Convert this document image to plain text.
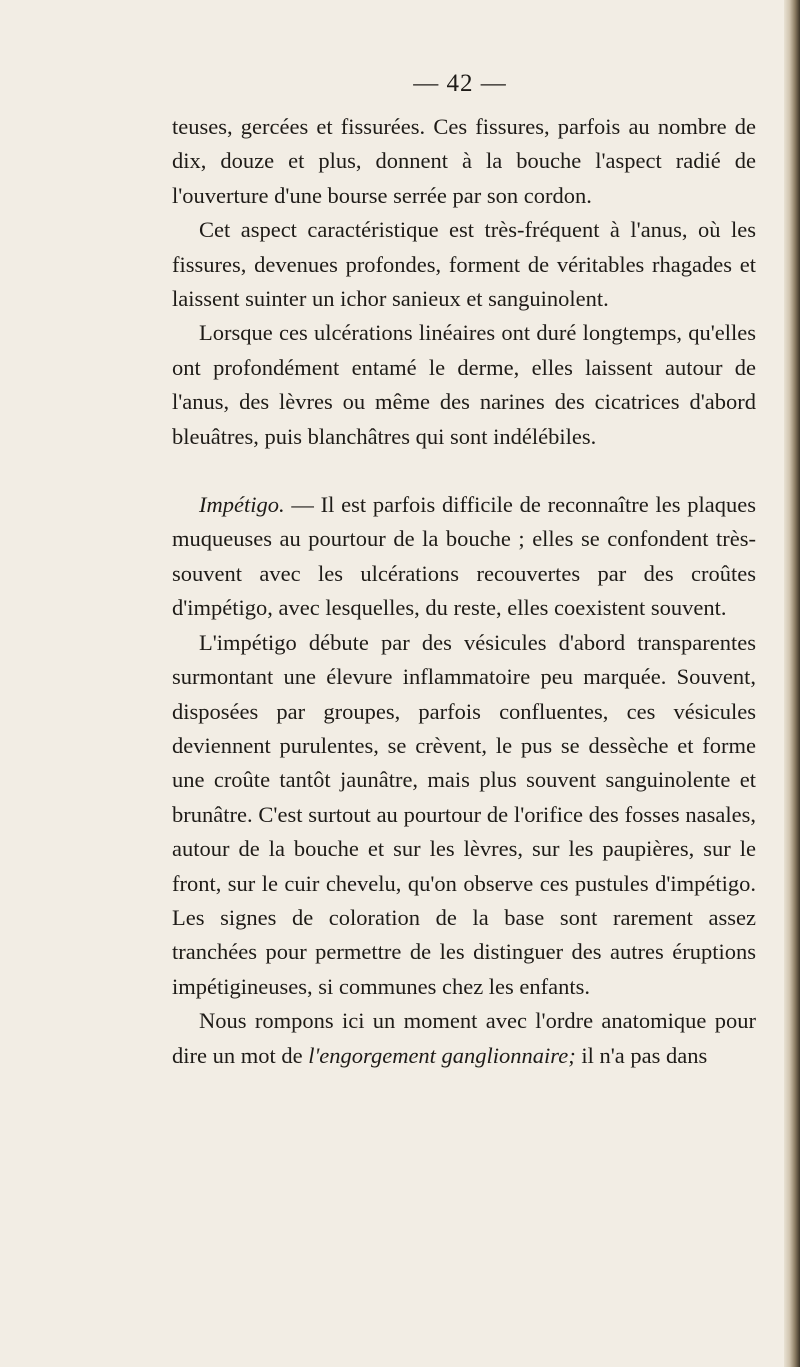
— 42 —

teuses, gercées et fissurées. Ces fissures, parfois au nombre de dix, douze et plus, donnent à la bouche l'aspect radié de l'ouverture d'une bourse serrée par son cordon.

Cet aspect caractéristique est très-fréquent à l'anus, où les fissures, devenues profondes, forment de véritables rhagades et laissent suinter un ichor sanieux et sanguinolent.

Lorsque ces ulcérations linéaires ont duré longtemps, qu'elles ont profondément entamé le derme, elles laissent autour de l'anus, des lèvres ou même des narines des cicatrices d'abord bleuâtres, puis blanchâtres qui sont indélébiles.

Impétigo. — Il est parfois difficile de reconnaître les plaques muqueuses au pourtour de la bouche ; elles se confondent très-souvent avec les ulcérations recouvertes par des croûtes d'impétigo, avec lesquelles, du reste, elles coexistent souvent.

L'impétigo débute par des vésicules d'abord transparentes surmontant une élevure inflammatoire peu marquée. Souvent, disposées par groupes, parfois confluentes, ces vésicules deviennent purulentes, se crèvent, le pus se dessèche et forme une croûte tantôt jaunâtre, mais plus souvent sanguinolente et brunâtre. C'est surtout au pourtour de l'orifice des fosses nasales, autour de la bouche et sur les lèvres, sur les paupières, sur le front, sur le cuir chevelu, qu'on observe ces pustules d'impétigo. Les signes de coloration de la base sont rarement assez tranchées pour permettre de les distinguer des autres éruptions impétigineuses, si communes chez les enfants.

Nous rompons ici un moment avec l'ordre anatomique pour dire un mot de l'engorgement ganglionnaire; il n'a pas dans
